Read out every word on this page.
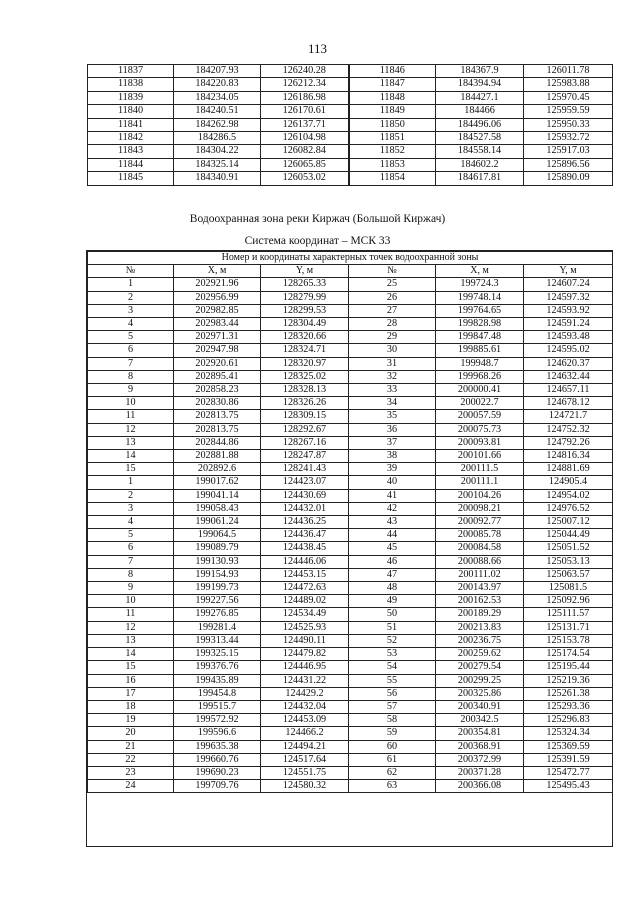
113
11837	184207.93	126240.28	11846	184367.9	126011.78
11838	184220.83	126212.34	11847	184394.94	125983.88
11839	184234.05	126186.98	11848	184427.1	125970.45
11840	184240.51	126170.61	11849	184466	125959.59
11841	184262.98	126137.71	11850	184496.06	125950.33
11842	184286.5	126104.98	11851	184527.58	125932.72
11843	184304.22	126082.84	11852	184558.14	125917.03
11844	184325.14	126065.85	11853	184602.2	125896.56
11845	184340.91	126053.02	11854	184617.81	125890.09
Водоохранная зона реки Киржач (Большой Киржач)
Система координат – МСК 33
Номер и координаты характерных точек водоохранной зоны					
№	X, м	Y, м	№	X, м	Y, м
1	202921.96	128265.33	25	199724.3	124607.24
2	202956.99	128279.99	26	199748.14	124597.32
3	202982.85	128299.53	27	199764.65	124593.92
4	202983.44	128304.49	28	199828.98	124591.24
5	202971.31	128320.66	29	199847.48	124593.48
6	202947.98	128324.71	30	199885.61	124595.02
7	202920.61	128320.97	31	199948.7	124620.37
8	202895.41	128325.02	32	199968.26	124632.44
9	202858.23	128328.13	33	200000.41	124657.11
10	202830.86	128326.26	34	200022.7	124678.12
11	202813.75	128309.15	35	200057.59	124721.7
12	202813.75	128292.67	36	200075.73	124752.32
13	202844.86	128267.16	37	200093.81	124792.26
14	202881.88	128247.87	38	200101.66	124816.34
15	202892.6	128241.43	39	200111.5	124881.69
1	199017.62	124423.07	40	200111.1	124905.4
2	199041.14	124430.69	41	200104.26	124954.02
3	199058.43	124432.01	42	200098.21	124976.52
4	199061.24	124436.25	43	200092.77	125007.12
5	199064.5	124436.47	44	200085.78	125044.49
6	199089.79	124438.45	45	200084.58	125051.52
7	199130.93	124446.06	46	200088.66	125053.13
8	199154.93	124453.15	47	200111.02	125063.57
9	199199.73	124472.63	48	200143.97	125081.5
10	199227.56	124489.02	49	200162.53	125092.96
11	199276.85	124534.49	50	200189.29	125111.57
12	199281.4	124525.93	51	200213.83	125131.71
13	199313.44	124490.11	52	200236.75	125153.78
14	199325.15	124479.82	53	200259.62	125174.54
15	199376.76	124446.95	54	200279.54	125195.44
16	199435.89	124431.22	55	200299.25	125219.36
17	199454.8	124429.2	56	200325.86	125261.38
18	199515.7	124432.04	57	200340.91	125293.36
19	199572.92	124453.09	58	200342.5	125296.83
20	199596.6	124466.2	59	200354.81	125324.34
21	199635.38	124494.21	60	200368.91	125369.59
22	199660.76	124517.64	61	200372.99	125391.59
23	199690.23	124551.75	62	200371.28	125472.77
24	199709.76	124580.32	63	200366.08	125495.43
